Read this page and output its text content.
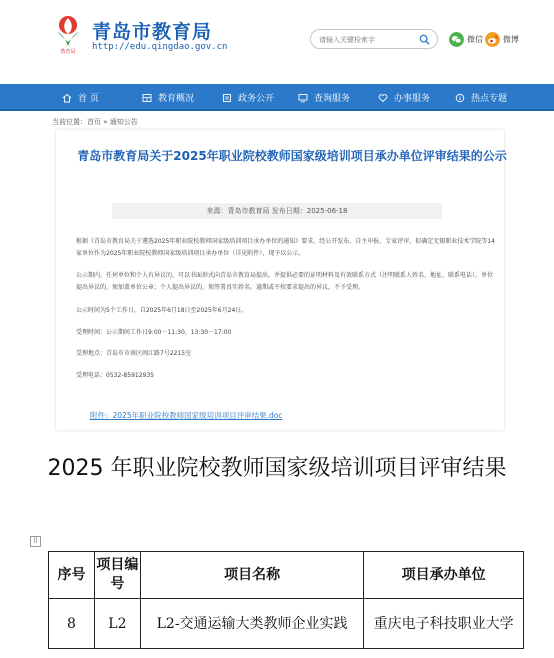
教育局
青岛市教育局
http://edu.qingdao.gov.cn
请输入关键检索字
微信	微博
首 页	教育概况	政务公开	查询服务	办事服务	热点专题
当前位置：首页 » 通知公告
青岛市教育局关于2025年职业院校教师国家级培训项目承办单位评审结果的公示
来源：青岛市教育局 发布日期：2025-06-18
根据《青岛市教育局关于遴选2025年职业院校教师国家级培训项目承办单位的通知》要求，经公开发布、自主申报、专家评审，拟确定无锡职业技术学院等14家单位作为2025年职业院校教师国家级培训项目承办单位（详见附件），现予以公示。
公示期内，任何单位和个人有异议的，可以书面形式向青岛市教育局提出，并提供必要的证明材料及有效联系方式（注明联系人姓名、地址、联系电话）。单位提出异议的，须加盖单位公章；个人提出异议的，须签署真实姓名。逾期或不按要求提出的异议，不予受理。
公示时间为5个工作日，自2025年6月18日至2025年6月24日。
受理时间：公示期间工作日9:00－11:30，13:30－17:00
受理地点：青岛市市南区闽江路7号2215室
受理电话：0532-85912935
附件：2025年职业院校教师国家级培训项目评审结果.doc
2025 年职业院校教师国家级培训项目评审结果
⠿
序号	项目编号	项目名称	项目承办单位
8	L2	L2-交通运输大类教师企业实践	重庆电子科技职业大学
